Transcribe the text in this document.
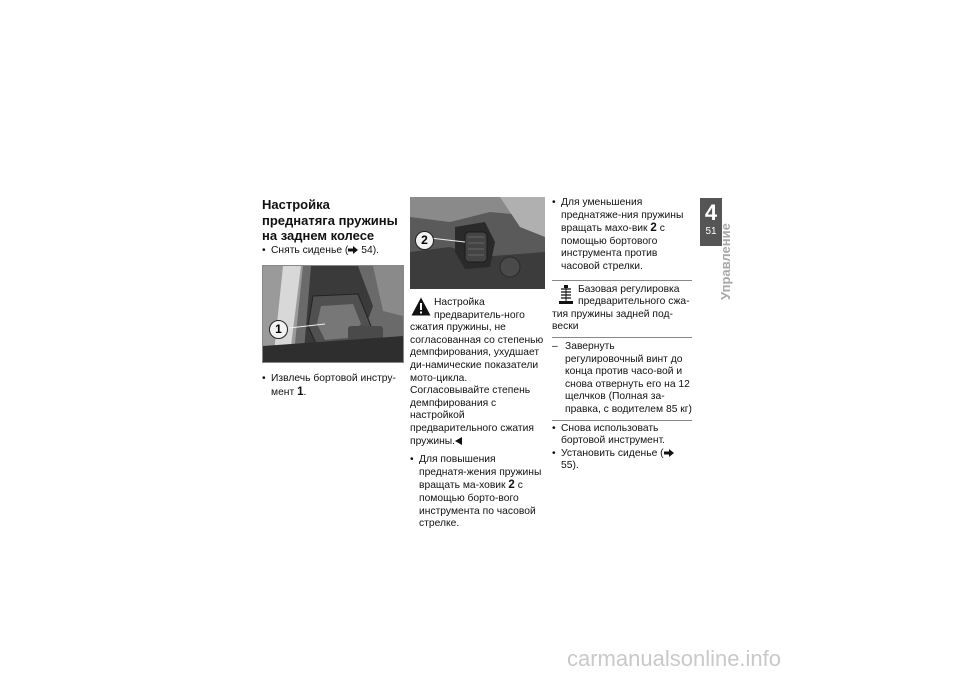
Настройка преднатяга пружины на заднем колесе

• Снять сиденье ( 54).

1

• Извлечь бортовой инстру-мент 1.

2
Настройка предваритель-ного сжатия пружины, не согласованная со степенью демпфирования, ухудшает ди-намические показатели мото-цикла.
Согласовывайте степень демпфирования с настройкой предварительного сжатия пружины.

• Для повышения преднатя-жения пружины вращать ма-ховик 2 с помощью борто-вого инструмента по часовой стрелке.

• Для уменьшения преднатяже-ния пружины вращать махо-вик 2 с помощью бортового инструмента против часовой стрелки.

Базовая регулировка предварительного сжа-тия пружины задней под-вески

– Завернуть регулировочный винт до конца против часо-вой и снова отвернуть его на 12 щелчков (Полная за-правка, с водителем 85 кг)

• Снова использовать бортовой инструмент.

• Установить сиденье ( 55).

4
51 Управление
carmanualsonline.info
